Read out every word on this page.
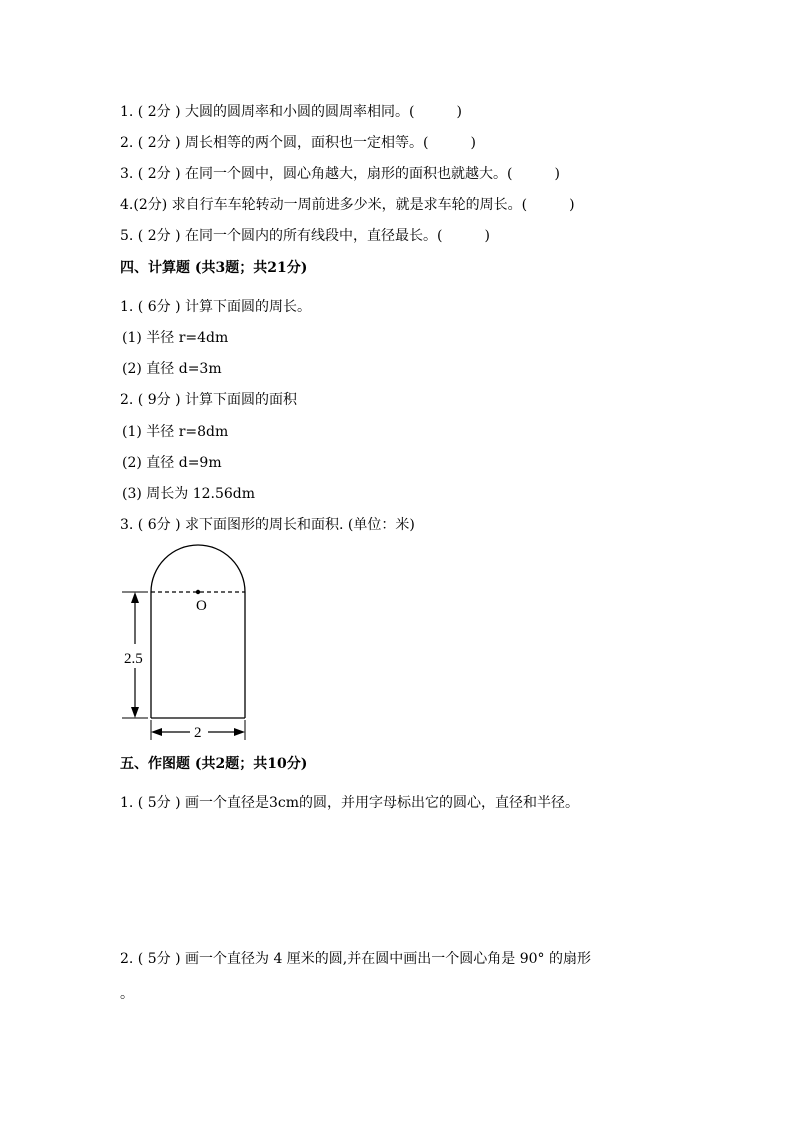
1. ( 2分 ) 大圆的圆周率和小圆的圆周率相同。(　　　)
2. ( 2分 ) 周长相等的两个圆，面积也一定相等。(　　　)
3. ( 2分 ) 在同一个圆中，圆心角越大，扇形的面积也就越大。(　　　)
4.(2分) 求自行车车轮转动一周前进多少米，就是求车轮的周长。(　　　)
5. ( 2分 ) 在同一个圆内的所有线段中，直径最长。(　　　)
四、计算题 (共3题；共21分)
1. ( 6分 ) 计算下面圆的周长。
(1) 半径 r=4dm
(2) 直径 d=3m
2. ( 9分 ) 计算下面圆的面积
(1) 半径 r=8dm
(2) 直径 d=9m
(3) 周长为 12.56dm
3. ( 6分 ) 求下面图形的周长和面积. (单位：米)
O
2.5
2
五、作图题 (共2题；共10分)
1. ( 5分 ) 画一个直径是3cm的圆，并用字母标出它的圆心，直径和半径。
2. ( 5分 ) 画一个直径为 4 厘米的圆,并在圆中画出一个圆心角是 90° 的扇形
。
